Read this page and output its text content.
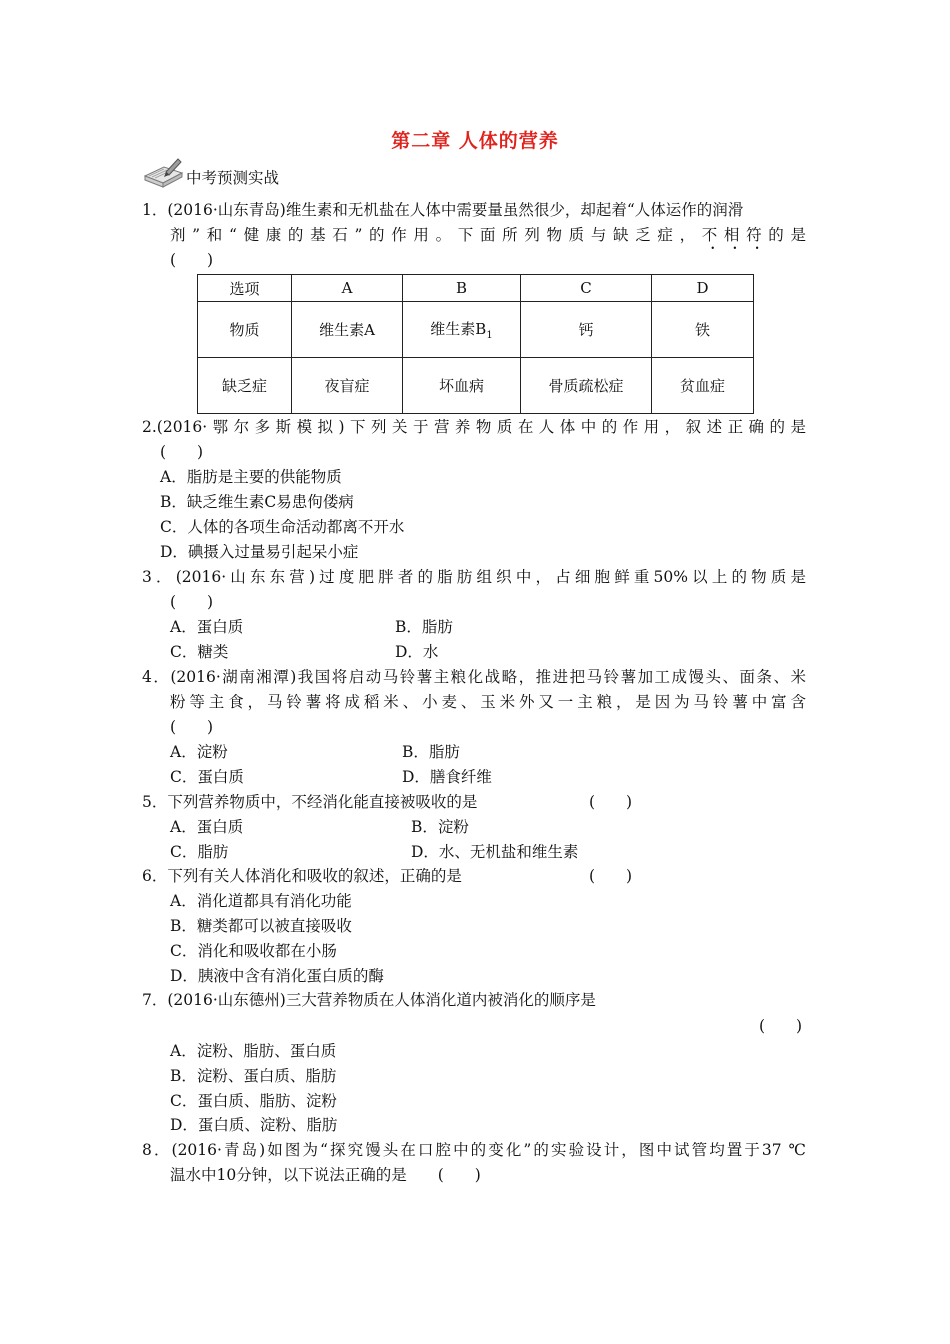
第二章 人体的营养
中考预测实战
1．(2016·山东青岛)维生素和无机盐在人体中需要量虽然很少，却起着“人体运作的润滑
剂”和“健康的基石”的作用。下面所列物质与缺乏症，不相符的是
(　　)
选项	A	B	C	D
物质	维生素A	维生素$B_1$	钙	铁
缺乏症	夜盲症	坏血病	骨质疏松症	贫血症
2.(2016·鄂尔多斯模拟)下列关于营养物质在人体中的作用，叙述正确的是
(　　)
A．脂肪是主要的供能物质
B．缺乏维生素C易患佝偻病
C．人体的各项生命活动都离不开水
D．碘摄入过量易引起呆小症
3．(2016·山东东营)过度肥胖者的脂肪组织中，占细胞鲜重50%以上的物质是
(　　)
A．蛋白质	B．脂肪
C．糖类	D．水
4．(2016·湖南湘潭)我国将启动马铃薯主粮化战略，推进把马铃薯加工成馒头、面条、米
粉等主食，马铃薯将成稻米、小麦、玉米外又一主粮，是因为马铃薯中富含
(　　)
A．淀粉	B．脂肪
C．蛋白质	D．膳食纤维
5．下列营养物质中，不经消化能直接被吸收的是	(　　)
A．蛋白质	B．淀粉
C．脂肪	D．水、无机盐和维生素
6．下列有关人体消化和吸收的叙述，正确的是	(　　)
A．消化道都具有消化功能
B．糖类都可以被直接吸收
C．消化和吸收都在小肠
D．胰液中含有消化蛋白质的酶
7．(2016·山东德州)三大营养物质在人体消化道内被消化的顺序是
(　　)
A．淀粉、脂肪、蛋白质
B．淀粉、蛋白质、脂肪
C．蛋白质、脂肪、淀粉
D．蛋白质、淀粉、脂肪
8．(2016·青岛)如图为“探究馒头在口腔中的变化”的实验设计，图中试管均置于37 ℃
温水中10分钟，以下说法正确的是　　(　　)
